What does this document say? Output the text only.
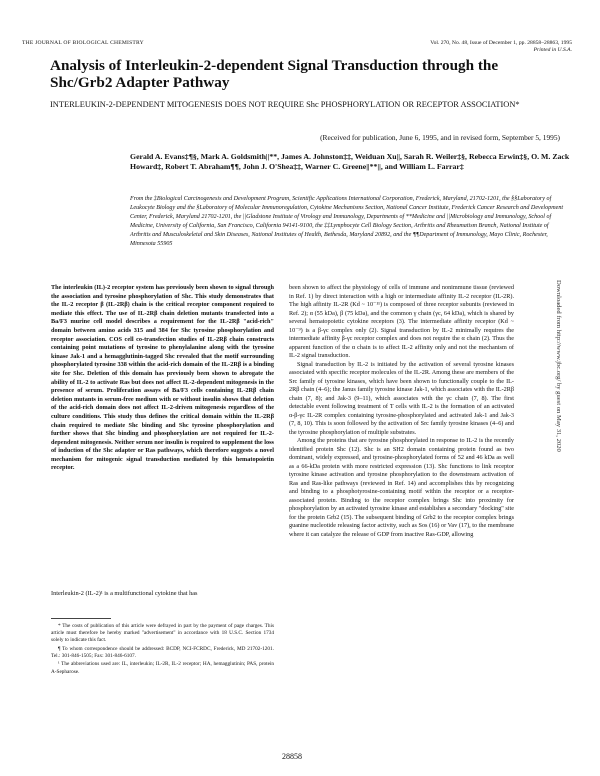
THE JOURNAL OF BIOLOGICAL CHEMISTRY	Vol. 270, No. 48, Issue of December 1, pp. 28858–28863, 1995
Printed in U.S.A.
Analysis of Interleukin-2-dependent Signal Transduction through the Shc/Grb2 Adapter Pathway

INTERLEUKIN-2-DEPENDENT MITOGENESIS DOES NOT REQUIRE Shc PHOSPHORYLATION OR RECEPTOR ASSOCIATION*

(Received for publication, June 6, 1995, and in revised form, September 5, 1995)
Gerald A. Evans‡¶§, Mark A. Goldsmith||**, James A. Johnston‡‡, Weiduan Xu||, Sarah R. Weiler‡§, Rebecca Erwin‡§, O. M. Zack Howard‡, Robert T. Abraham¶¶, John J. O'Shea‡‡, Warner C. Greene||**||, and William L. Farrar‡
From the ‡Biological Carcinogenesis and Development Program, Scientific Applications International Corporation, Frederick, Maryland, 21702-1201, the §§Laboratory of Leukocyte Biology and the §Laboratory of Molecular Immunoregulation, Cytokine Mechanisms Section, National Cancer Institute, Frederick Cancer Research and Development Center, Frederick, Maryland 21702-1201, the ||Gladstone Institute of Virology and Immunology, Departments of **Medicine and ||Microbiology and Immunology, School of Medicine, University of California, San Francisco, California 94141-9100, the ‡‡Lymphocyte Cell Biology Section, Arthritis and Rheumatism Branch, National Institute of Arthritis and Musculoskeletal and Skin Diseases, National Institutes of Health, Bethesda, Maryland 20892, and the ¶¶Department of Immunology, Mayo Clinic, Rochester, Minnesota 55905

The interleukin (IL)-2 receptor system has previously been shown to signal through the association and tyrosine phosphorylation of Shc. This study demonstrates that the IL-2 receptor β (IL-2Rβ) chain is the critical receptor component required to mediate this effect. The use of IL-2Rβ chain deletion mutants transfected into a Ba/F3 murine cell model describes a requirement for the IL-2Rβ "acid-rich" domain between amino acids 315 and 384 for Shc tyrosine phosphorylation and receptor association. COS cell co-transfection studies of IL-2Rβ chain constructs containing point mutations of tyrosine to phenylalanine along with the tyrosine kinase Jak-1 and a hemagglutinin-tagged Shc revealed that the motif surrounding phosphorylated tyrosine 338 within the acid-rich domain of the IL-2Rβ is a binding site for Shc. Deletion of this domain has previously been shown to abrogate the ability of IL-2 to activate Ras but does not affect IL-2-dependent mitogenesis in the presence of serum. Proliferation assays of Ba/F3 cells containing IL-2Rβ chain deletion mutants in serum-free medium with or without insulin shows that deletion of the acid-rich domain does not affect IL-2-driven mitogenesis regardless of the culture conditions. This study thus defines the critical domain within the IL-2Rβ chain required to mediate Shc binding and Shc tyrosine phosphorylation and further shows that Shc binding and phosphorylation are not required for IL-2-dependent mitogenesis. Neither serum nor insulin is required to supplement the loss of induction of the Shc adapter or Ras pathways, which therefore suggests a novel mechanism for mitogenic signal transduction mediated by this hematopoietin receptor.

Interleukin-2 (IL-2)¹ is a multifunctional cytokine that has

* The costs of publication of this article were defrayed in part by the payment of page charges. This article must therefore be hereby marked "advertisement" in accordance with 18 U.S.C. Section 1734 solely to indicate this fact.

¶ To whom correspondence should be addressed: BCDP, NCI-FCRDC, Frederick, MD 21702-1201. Tel.: 301-846-1505; Fax: 301-846-6107.

¹ The abbreviations used are: IL, interleukin; IL-2R, IL-2 receptor; HA, hemagglutinin; PAS, protein A-Sepharose.

been shown to affect the physiology of cells of immune and nonimmune tissue (reviewed in Ref. 1) by direct interaction with a high or intermediate affinity IL-2 receptor (IL-2R). The high affinity IL-2R (Kd ~ 10⁻¹¹) is composed of three receptor subunits (reviewed in Ref. 2); α (55 kDa), β (75 kDa), and the common γ chain (γc, 64 kDa), which is shared by several hematopoietic cytokine receptors (3). The intermediate affinity receptor (Kd ~ 10⁻⁹) is a β-γc complex only (2). Signal transduction by IL-2 minimally requires the intermediate affinity β-γc receptor complex and does not require the α chain (2). Thus the apparent function of the α chain is to affect IL-2 affinity only and not the mechanism of IL-2 signal transduction.

Signal transduction by IL-2 is initiated by the activation of several tyrosine kinases associated with specific receptor molecules of the IL-2R. Among these are members of the Src family of tyrosine kinases, which have been shown to functionally couple to the IL-2Rβ chain (4–6); the Janus family tyrosine kinase Jak-1, which associates with the IL-2Rβ chain (7, 8); and Jak-3 (9–11), which associates with the γc chain (7, 8). The first detectable event following treatment of T cells with IL-2 is the formation of an activated α-β-γc IL-2R complex containing tyrosine-phosphorylated and activated Jak-1 and Jak-3 (7, 8, 10). This is soon followed by the activation of Src family tyrosine kinases (4–6) and the tyrosine phosphorylation of multiple substrates.

Among the proteins that are tyrosine phosphorylated in response to IL-2 is the recently identified protein Shc (12). Shc is an SH2 domain containing protein found as two dominant, widely expressed, and tyrosine-phosphorylated forms of 52 and 46 kDa as well as a 66-kDa protein with more restricted expression (13). Shc functions to link receptor tyrosine kinase activation and tyrosine phosphorylation to the downstream activation of Ras and Ras-like pathways (reviewed in Ref. 14) and accomplishes this by recognizing and binding to a phosphotyrosine-containing motif within the receptor or a receptor-associated protein. Binding to the receptor complex brings Shc into proximity for phosphorylation by an activated tyrosine kinase and establishes a secondary "docking" site for the protein Grb2 (15). The subsequent binding of Grb2 to the receptor complex brings guanine nucleotide releasing factor activity, such as Sos (16) or Vav (17), to the membrane where it can catalyze the release of GDP from inactive Ras-GDP, allowing

Downloaded from http://www.jbc.org/ by guest on May 31, 2020
28858
